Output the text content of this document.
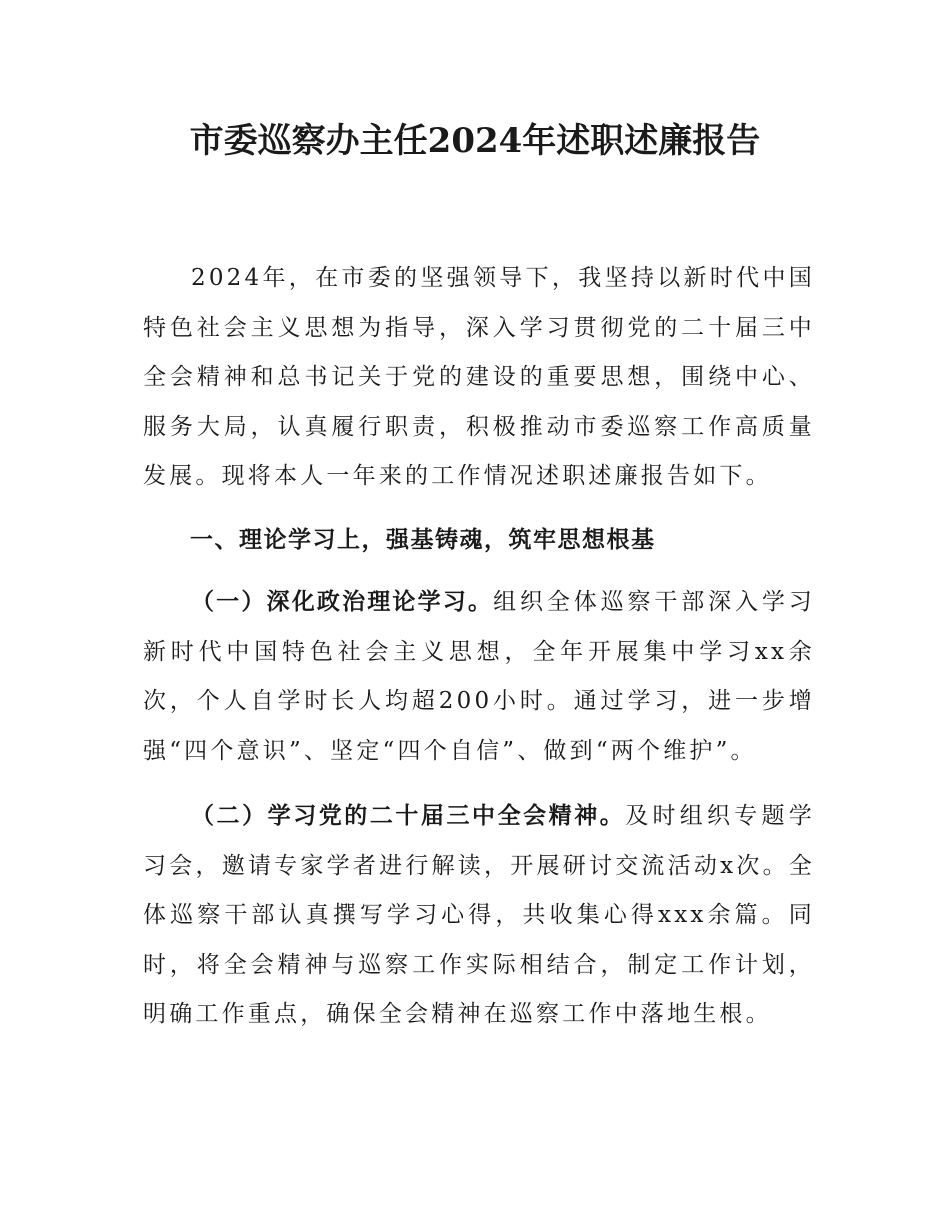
市委巡察办主任2024年述职述廉报告

2024年，在市委的坚强领导下，我坚持以新时代中国特色社会主义思想为指导，深入学习贯彻党的二十届三中全会精神和总书记关于党的建设的重要思想，围绕中心、服务大局，认真履行职责，积极推动市委巡察工作高质量发展。现将本人一年来的工作情况述职述廉报告如下。

一、理论学习上，强基铸魂，筑牢思想根基

（一）深化政治理论学习。组织全体巡察干部深入学习新时代中国特色社会主义思想，全年开展集中学习xx余次，个人自学时长人均超200小时。通过学习，进一步增强“四个意识”、坚定“四个自信”、做到“两个维护”。

（二）学习党的二十届三中全会精神。及时组织专题学习会，邀请专家学者进行解读，开展研讨交流活动x次。全体巡察干部认真撰写学习心得，共收集心得xxx余篇。同时，将全会精神与巡察工作实际相结合，制定工作计划，明确工作重点，确保全会精神在巡察工作中落地生根。
